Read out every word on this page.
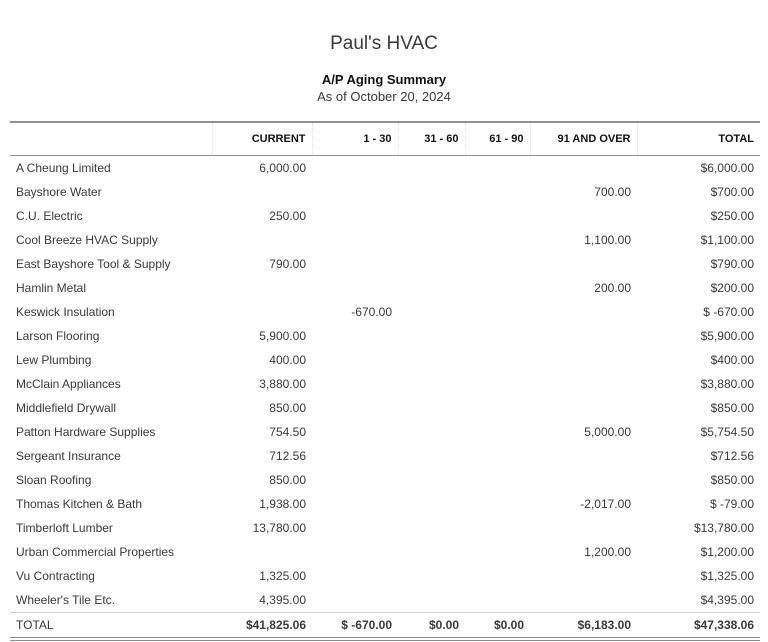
Paul's HVAC
A/P Aging Summary
As of October 20, 2024
	CURRENT	1 - 30	31 - 60	61 - 90	91 AND OVER	TOTAL
A Cheung Limited	6,000.00					$6,000.00
Bayshore Water					700.00	$700.00
C.U. Electric	250.00					$250.00
Cool Breeze HVAC Supply					1,100.00	$1,100.00
East Bayshore Tool & Supply	790.00					$790.00
Hamlin Metal					200.00	$200.00
Keswick Insulation		-670.00				$ -670.00
Larson Flooring	5,900.00					$5,900.00
Lew Plumbing	400.00					$400.00
McClain Appliances	3,880.00					$3,880.00
Middlefield Drywall	850.00					$850.00
Patton Hardware Supplies	754.50				5,000.00	$5,754.50
Sergeant Insurance	712.56					$712.56
Sloan Roofing	850.00					$850.00
Thomas Kitchen & Bath	1,938.00				-2,017.00	$ -79.00
Timberloft Lumber	13,780.00					$13,780.00
Urban Commercial Properties					1,200.00	$1,200.00
Vu Contracting	1,325.00					$1,325.00
Wheeler's Tile Etc.	4,395.00					$4,395.00
TOTAL	$41,825.06	$ -670.00	$0.00	$0.00	$6,183.00	$47,338.06
